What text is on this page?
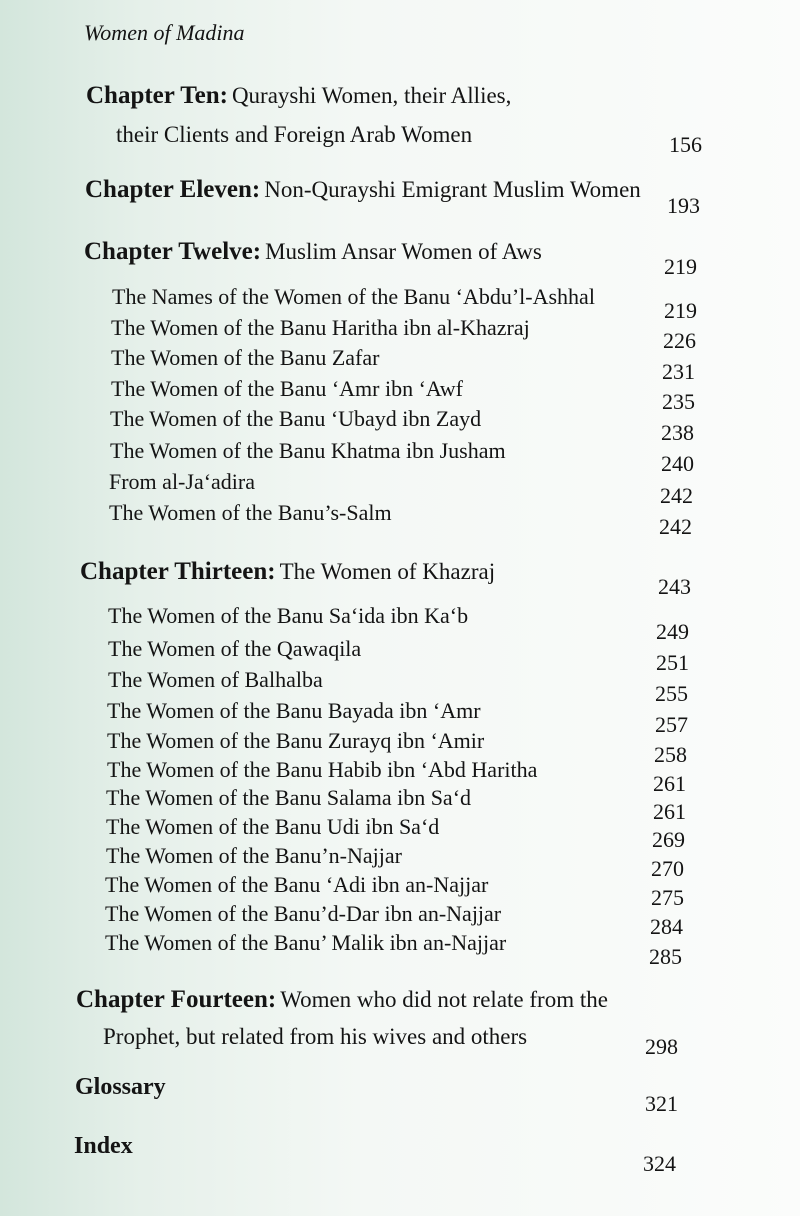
Women of Madina
Chapter Ten: Qurayshi Women, their Allies,
their Clients and Foreign Arab Women	156
Chapter Eleven: Non-Qurayshi Emigrant Muslim Women
193
Chapter Twelve: Muslim Ansar Women of Aws
219
The Names of the Women of the Banu ‘Abdu’l-Ashhal
219
The Women of the Banu Haritha ibn al-Khazraj
226
The Women of the Banu Zafar
231
The Women of the Banu ‘Amr ibn ‘Awf
235
The Women of the Banu ‘Ubayd ibn Zayd
238
The Women of the Banu Khatma ibn Jusham
240
From al-Ja‘adira
242
The Women of the Banu’s-Salm
242
Chapter Thirteen: The Women of Khazraj
243
The Women of the Banu Sa‘ida ibn Ka‘b
249
The Women of the Qawaqila
251
The Women of Balhalba
255
The Women of the Banu Bayada ibn ‘Amr
257
The Women of the Banu Zurayq ibn ‘Amir
258
The Women of the Banu Habib ibn ‘Abd Haritha
261
The Women of the Banu Salama ibn Sa‘d
261
The Women of the Banu Udi ibn Sa‘d
269
The Women of the Banu’n-Najjar
270
The Women of the Banu ‘Adi ibn an-Najjar
275
The Women of the Banu’d-Dar ibn an-Najjar
284
The Women of the Banu’ Malik ibn an-Najjar
285
Chapter Fourteen: Women who did not relate from the
Prophet, but related from his wives and others	298
Glossary
321
Index
324
